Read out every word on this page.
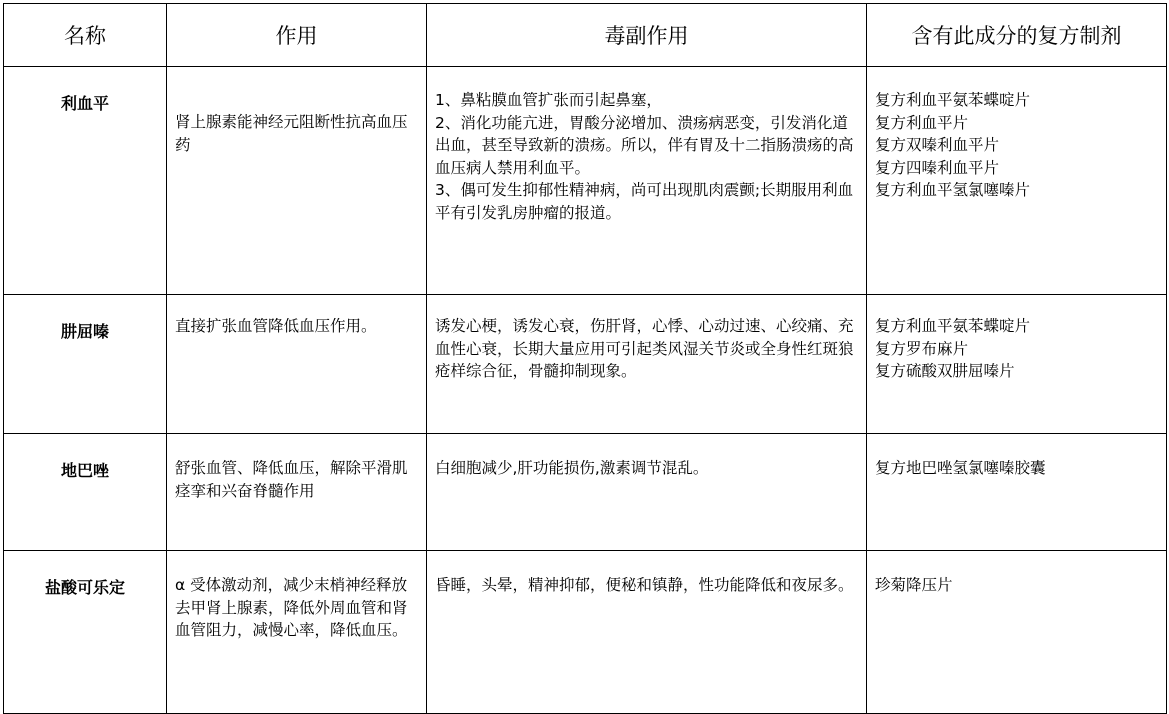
名称	作用	毒副作用	含有此成分的复方制剂
利血平	肾上腺素能神经元阻断性抗高血压药	1、鼻粘膜血管扩张而引起鼻塞，
2、消化功能亢进，胃酸分泌增加、溃疡病恶变，引发消化道出血，甚至导致新的溃疡。所以，伴有胃及十二指肠溃疡的高血压病人禁用利血平。
3、偶可发生抑郁性精神病，尚可出现肌肉震颤;长期服用利血平有引发乳房肿瘤的报道。	复方利血平氨苯蝶啶片
复方利血平片
复方双嗪利血平片
复方四嗪利血平片
复方利血平氢氯噻嗪片
肼屈嗪	直接扩张血管降低血压作用。	诱发心梗，诱发心衰，伤肝肾，心悸、心动过速、心绞痛、充血性心衰，长期大量应用可引起类风湿关节炎或全身性红斑狼疮样综合征，骨髓抑制现象。	复方利血平氨苯蝶啶片
复方罗布麻片
复方硫酸双肼屈嗪片
地巴唑	舒张血管、降低血压，解除平滑肌痉挛和兴奋脊髓作用	白细胞减少,肝功能损伤,激素调节混乱。	复方地巴唑氢氯噻嗪胶囊
盐酸可乐定	α 受体激动剂，减少末梢神经释放去甲肾上腺素，降低外周血管和肾血管阻力，减慢心率，降低血压。	昏睡，头晕，精神抑郁，便秘和镇静，性功能降低和夜尿多。	珍菊降压片
